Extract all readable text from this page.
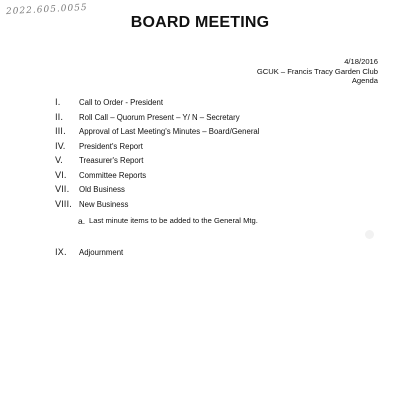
2022.605.0055
BOARD MEETING
4/18/2016
GCUK – Francis Tracy Garden Club
Agenda
I. Call to Order - President
II. Roll Call – Quorum Present – Y/ N – Secretary
III. Approval of Last Meeting's Minutes – Board/General
IV. President's Report
V. Treasurer's Report
VI. Committee Reports
VII. Old Business
VIII. New Business
a. Last minute items to be added to the General Mtg.
IX. Adjournment
